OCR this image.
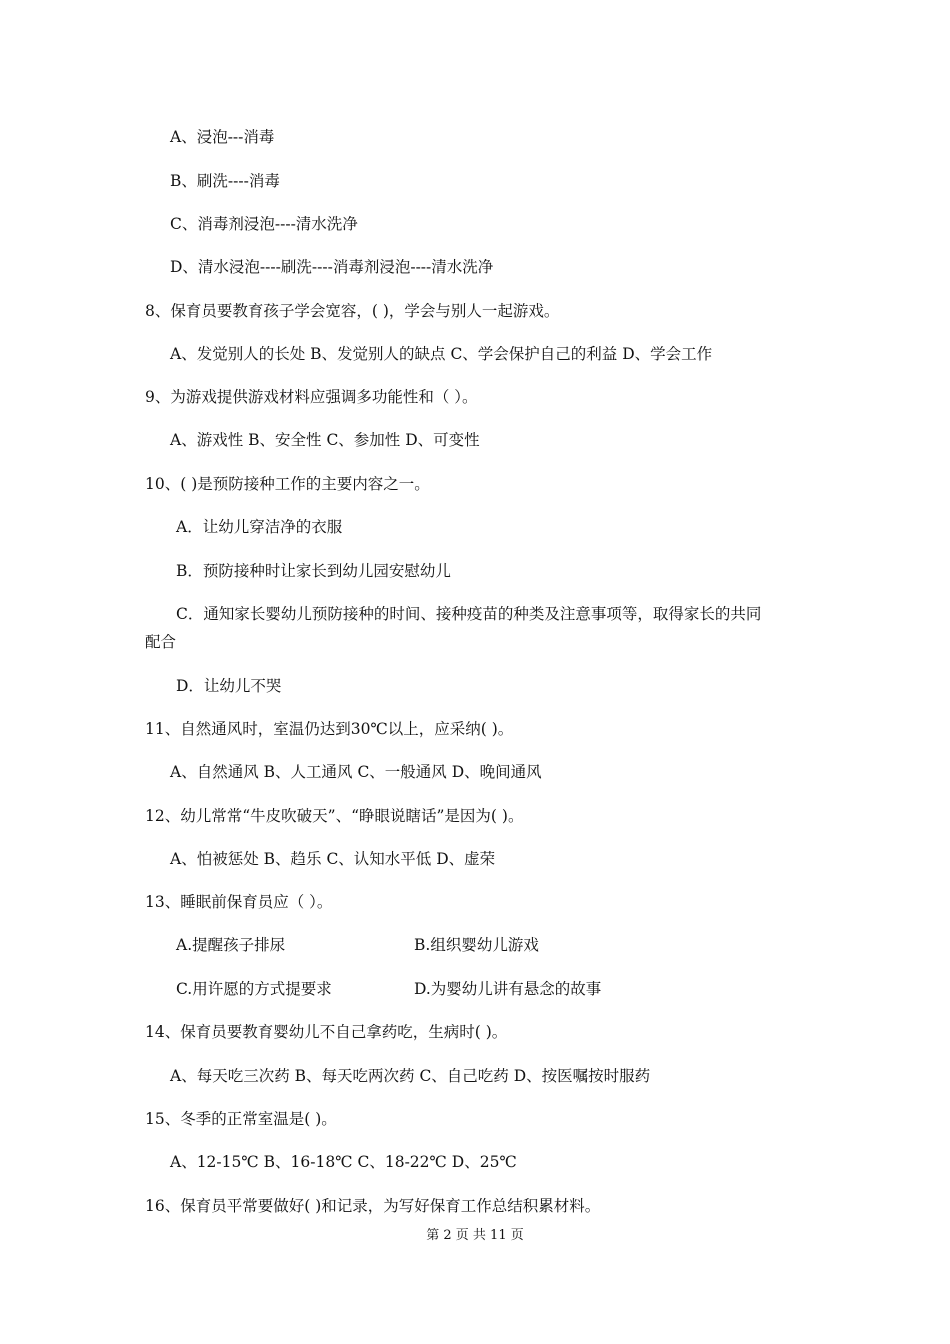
A、浸泡---消毒
B、刷洗----消毒
C、消毒剂浸泡----清水洗净
D、清水浸泡----刷洗----消毒剂浸泡----清水洗净
8、保育员要教育孩子学会宽容，( )，学会与别人一起游戏。
A、发觉别人的长处 B、发觉别人的缺点 C、学会保护自己的利益 D、学会工作
9、为游戏提供游戏材料应强调多功能性和（ ）。
A、游戏性 B、安全性 C、参加性 D、可变性
10、( )是预防接种工作的主要内容之一。
A．让幼儿穿洁净的衣服
B．预防接种时让家长到幼儿园安慰幼儿
C．通知家长婴幼儿预防接种的时间、接种疫苗的种类及注意事项等，取得家长的共同
配合
D．让幼儿不哭
11、自然通风时，室温仍达到30℃以上，应采纳( )。
A、自然通风 B、人工通风 C、一般通风 D、晚间通风
12、幼儿常常“牛皮吹破天”、“睁眼说瞎话”是因为( )。
A、怕被惩处 B、趋乐 C、认知水平低 D、虚荣
13、睡眠前保育员应（ ）。
A.提醒孩子排尿	B.组织婴幼儿游戏
C.用许愿的方式提要求	D.为婴幼儿讲有悬念的故事
14、保育员要教育婴幼儿不自己拿药吃，生病时( )。
A、每天吃三次药 B、每天吃两次药 C、自己吃药 D、按医嘱按时服药
15、冬季的正常室温是( )。
A、12-15℃ B、16-18℃ C、18-22℃ D、25℃
16、保育员平常要做好( )和记录，为写好保育工作总结积累材料。
第 2 页 共 11 页
